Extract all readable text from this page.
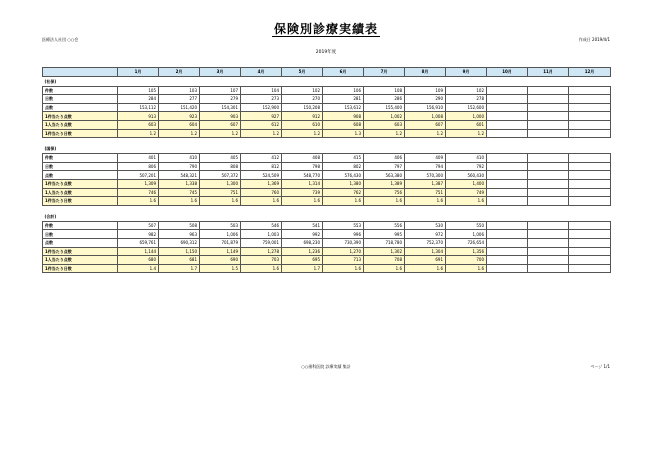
保険別診療実績表
医療法人社団 ○○会	作成日 2019/4/1
2019年度
	1月	2月	3月	4月	5月	6月	7月	8月	9月	10月	11月	12月
(社保)												
件数	105	103	107	104	102	106	108	109	102			
日数	284	277	279	273	270	281	286	290	278			
点数	153,112	151,420	154,301	152,900	150,208	153,612	155,400	156,910	152,600			
1件当たり点数	913	923	903	927	912	908	1,002	1,008	1,000			
1人当たり点数	603	604	607	612	610	608	603	607	601			
1件当たり日数	1.2	1.2	1.2	1.2	1.2	1.3	1.2	1.2	1.2			

(国保)												
件数	401	410	405	412	408	415	406	409	410			
日数	806	790	808	812	798	802	797	794	792			
点数	507,201	548,321	507,372	524,509	548,770	576,430	563,380	570,300	560,430			
1件当たり点数	1,309	1,338	1,300	1,369	1,314	1,380	1,389	1,387	1,400			
1人当たり点数	746	745	751	760	739	762	756	751	749			
1件当たり日数	1.6	1.6	1.6	1.6	1.6	1.6	1.6	1.6	1.6			

(合計)												
件数	507	508	503	546	541	553	556	530	550			
日数	982	963	1,006	1,003	992	996	995	972	1,006			
点数	659,761	690,312	701,879	759,001	698,230	730,390	718,780	752,370	726,654			
1件当たり点数	1,144	1,150	1,149	1,278	1,236	1,270	1,302	1,304	1,356			
1人当たり点数	680	681	690	703	695	713	708	691	700			
1件当たり日数	1.4	1.7	1.5	1.6	1.7	1.6	1.6	1.6	1.6			
○○歯科医院 診療実績 集計	ページ 1/1
